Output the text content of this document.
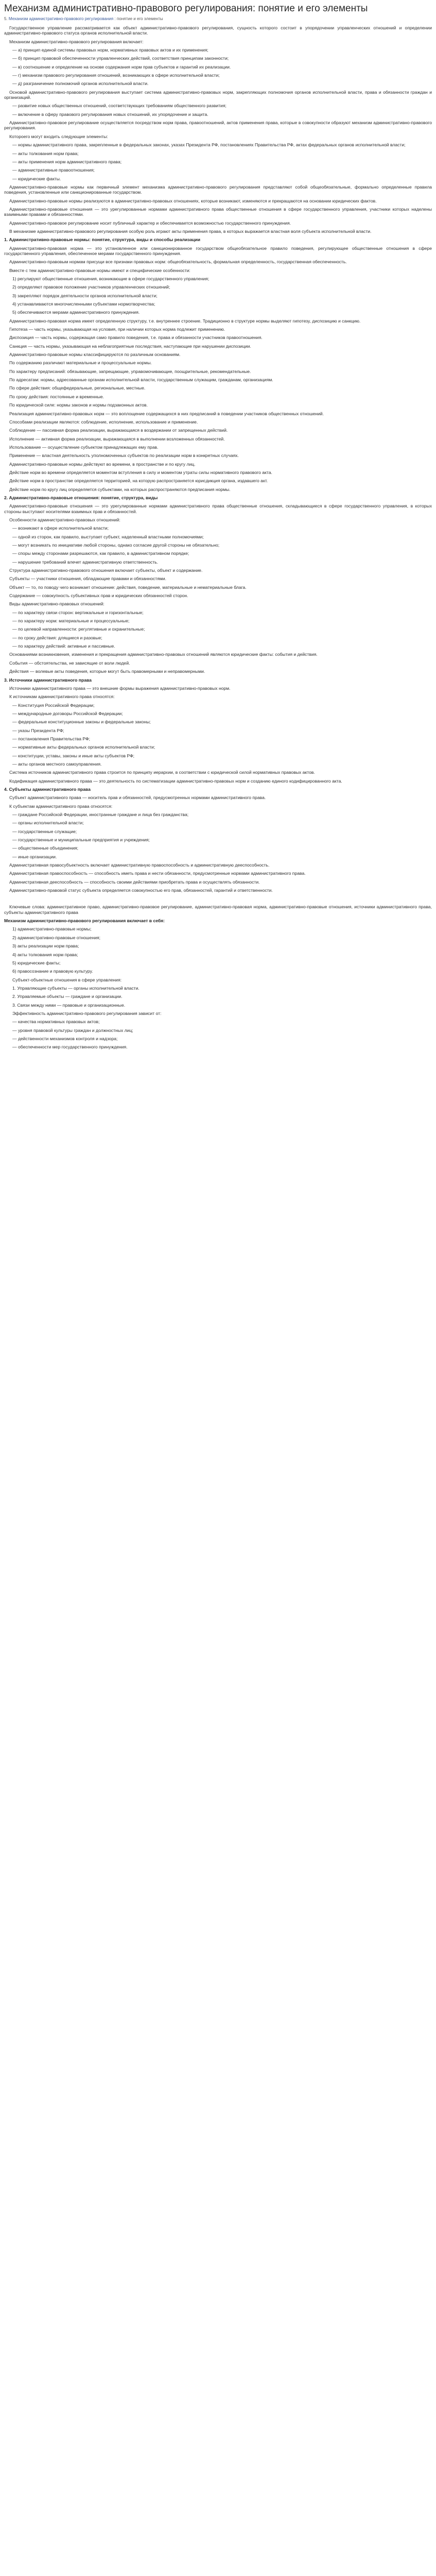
Механизм административно-правового регулирования: понятие и его элементы
5. Механизм административно-правового регулирования : понятие и его элементы

Государственное управление рассматривается как объект административно-правового регулирования, сущность которого состоит в упорядочении управленческих отношений и определении административно-правового статуса органов исполнительной власти.

Механизм административно-правового регулирования включает:

— а) принцип единой системы правовых норм, нормативных правовых актов и их применения;

— б) принцип правовой обеспеченности управленческих действий, соответствия принципам законности;

— в) соотношение и определение на основе содержания норм прав субъектов и гарантий их реализации.

— г) механизм правового регулирования отношений, возникающих в сфере исполнительной власти;

— д) разграничение полномочий органов исполнительной власти.

Основой административно-правового регулирования выступает система административно-правовых норм, закрепляющих полномочия органов исполнительной власти, права и обязанности граждан и организаций.

— развитие новых общественных отношений, соответствующих требованиям общественного развития;

— включение в сферу правового регулирования новых отношений, их упорядочение и защита.

Административно-правовое регулирование осуществляется посредством норм права, правоотношений, актов применения права, которые в совокупности образуют механизм административно-правового регулирования.

Котороего могут входить следующие элементы:

— нормы административного права, закрепленные в федеральных законах, указах Президента РФ, постановлениях Правительства РФ, актах федеральных органов исполнительной власти;

— акты толкования норм права;

— акты применения норм административного права;

— административные правоотношения;

— юридические факты.

Административно-правовые нормы как первичный элемент механизма административно-правового регулирования представляют собой общеобязательные, формально определенные правила поведения, установленные или санкционированные государством.

Административно-правовые нормы реализуются в административно-правовых отношениях, которые возникают, изменяются и прекращаются на основании юридических фактов.

Административно-правовые отношения — это урегулированные нормами административного права общественные отношения в сфере государственного управления, участники которых наделены взаимными правами и обязанностями.

Административно-правовое регулирование носит публичный характер и обеспечивается возможностью государственного принуждения.

В механизме административно-правового регулирования особую роль играют акты применения права, в которых выражается властная воля субъекта исполнительной власти.

1. Административно-правовые нормы: понятие, структура, виды и способы реализации

Административно-правовая норма — это установленное или санкционированное государством общеобязательное правило поведения, регулирующее общественные отношения в сфере государственного управления, обеспеченное мерами государственного принуждения.

Административно-правовым нормам присущи все признаки правовых норм: общеобязательность, формальная определенность, государственная обеспеченность.

Вместе с тем административно-правовые нормы имеют и специфические особенности:

1) регулируют общественные отношения, возникающие в сфере государственного управления;

2) определяют правовое положение участников управленческих отношений;

3) закрепляют порядок деятельности органов исполнительной власти;

4) устанавливаются многочисленными субъектами нормотворчества;

5) обеспечиваются мерами административного принуждения.

Административно-правовая норма имеет определенную структуру, т.е. внутреннее строение. Традиционно в структуре нормы выделяют гипотезу, диспозицию и санкцию.

Гипотеза — часть нормы, указывающая на условия, при наличии которых норма подлежит применению.

Диспозиция — часть нормы, содержащая само правило поведения, т.е. права и обязанности участников правоотношения.

Санкция — часть нормы, указывающая на неблагоприятные последствия, наступающие при нарушении диспозиции.

Административно-правовые нормы классифицируются по различным основаниям.

По содержанию различают материальные и процессуальные нормы.

По характеру предписаний: обязывающие, запрещающие, управомочивающие, поощрительные, рекомендательные.

По адресатам: нормы, адресованные органам исполнительной власти, государственным служащим, гражданам, организациям.

По сфере действия: общефедеральные, региональные, местные.

По сроку действия: постоянные и временные.

По юридической силе: нормы законов и нормы подзаконных актов.

Реализация административно-правовых норм — это воплощение содержащихся в них предписаний в поведении участников общественных отношений.

Способами реализации являются: соблюдение, исполнение, использование и применение.

Соблюдение — пассивная форма реализации, выражающаяся в воздержании от запрещенных действий.

Исполнение — активная форма реализации, выражающаяся в выполнении возложенных обязанностей.

Использование — осуществление субъектом принадлежащих ему прав.

Применение — властная деятельность уполномоченных субъектов по реализации норм в конкретных случаях.

Административно-правовые нормы действуют во времени, в пространстве и по кругу лиц.

Действие норм во времени определяется моментом вступления в силу и моментом утраты силы нормативного правового акта.

Действие норм в пространстве определяется территорией, на которую распространяется юрисдикция органа, издавшего акт.

Действие норм по кругу лиц определяется субъектами, на которых распространяются предписания нормы.

2. Административно-правовые отношения: понятие, структура, виды

Административно-правовые отношения — это урегулированные нормами административного права общественные отношения, складывающиеся в сфере государственного управления, в которых стороны выступают носителями взаимных прав и обязанностей.

Особенности административно-правовых отношений:

— возникают в сфере исполнительной власти;

— одной из сторон, как правило, выступает субъект, наделенный властными полномочиями;

— могут возникать по инициативе любой стороны, однако согласие другой стороны не обязательно;

— споры между сторонами разрешаются, как правило, в административном порядке;

— нарушение требований влечет административную ответственность.

Структура административно-правового отношения включает субъекты, объект и содержание.

Субъекты — участники отношения, обладающие правами и обязанностями.

Объект — то, по поводу чего возникает отношение: действия, поведение, материальные и нематериальные блага.

Содержание — совокупность субъективных прав и юридических обязанностей сторон.

Виды административно-правовых отношений:

— по характеру связи сторон: вертикальные и горизонтальные;

— по характеру норм: материальные и процессуальные;

— по целевой направленности: регулятивные и охранительные;

— по сроку действия: длящиеся и разовые;

— по характеру действий: активные и пассивные.

Основаниями возникновения, изменения и прекращения административно-правовых отношений являются юридические факты: события и действия.

События — обстоятельства, не зависящие от воли людей.

Действия — волевые акты поведения, которые могут быть правомерными и неправомерными.

3. Источники административного права

Источники административного права — это внешние формы выражения административно-правовых норм.

К источникам административного права относятся:

— Конституция Российской Федерации;

— международные договоры Российской Федерации;

— федеральные конституционные законы и федеральные законы;

— указы Президента РФ;

— постановления Правительства РФ;

— нормативные акты федеральных органов исполнительной власти;

— конституции, уставы, законы и иные акты субъектов РФ;

— акты органов местного самоуправления.

Система источников административного права строится по принципу иерархии, в соответствии с юридической силой нормативных правовых актов.

Кодификация административного права — это деятельность по систематизации административно-правовых норм и созданию единого кодифицированного акта.

4. Субъекты административного права

Субъект административного права — носитель прав и обязанностей, предусмотренных нормами административного права.

К субъектам административного права относятся:

— граждане Российской Федерации, иностранные граждане и лица без гражданства;

— органы исполнительной власти;

— государственные служащие;

— государственные и муниципальные предприятия и учреждения;

— общественные объединения;

— иные организации.

Административная правосубъектность включает административную правоспособность и административную дееспособность.

Административная правоспособность — способность иметь права и нести обязанности, предусмотренные нормами административного права.

Административная дееспособность — способность своими действиями приобретать права и осуществлять обязанности.

Административно-правовой статус субъекта определяется совокупностью его прав, обязанностей, гарантий и ответственности.

Ключевые слова: административное право, административно-правовое регулирование, административно-правовая норма, административно-правовые отношения, источники административного права, субъекты административного права

Механизм административно-правового регулирования включает в себя:

1) административно-правовые нормы;

2) административно-правовые отношения;

3) акты реализации норм права;

4) акты толкования норм права;

5) юридические факты;

6) правосознание и правовую культуру.

Субъект-объектные отношения в сфере управления:

1. Управляющие субъекты — органы исполнительной власти.

2. Управляемые объекты — граждане и организации.

3. Связи между ними — правовые и организационные.

Эффективность административно-правового регулирования зависит от:

— качества нормативных правовых актов;

— уровня правовой культуры граждан и должностных лиц;

— действенности механизмов контроля и надзора;

— обеспеченности мер государственного принуждения.
